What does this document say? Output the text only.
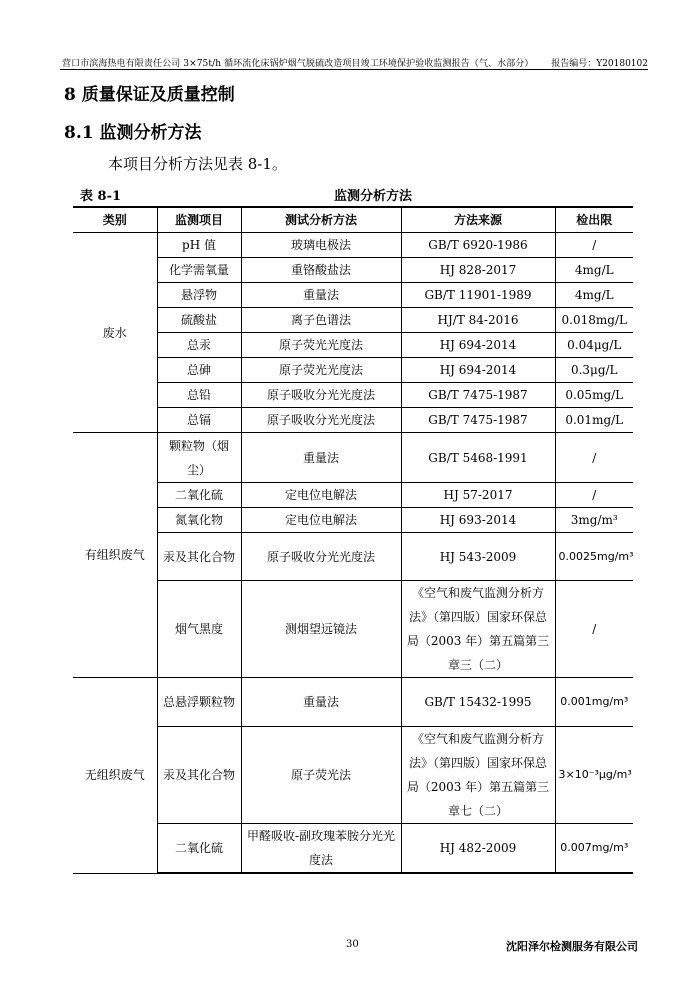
营口市滨海热电有限责任公司 3×75t/h 循环流化床锅炉烟气脱硫改造项目竣工环境保护验收监测报告（气、水部分） 报告编号：Y20180102
8 质量保证及质量控制
8.1 监测分析方法
本项目分析方法见表 8-1。
表 8-1	监测分析方法
类别	监测项目	测试分析方法	方法来源	检出限
废水	pH 值	玻璃电极法	GB/T 6920-1986	/
	化学需氧量	重铬酸盐法	HJ 828-2017	4mg/L
	悬浮物	重量法	GB/T 11901-1989	4mg/L
	硫酸盐	离子色谱法	HJ/T 84-2016	0.018mg/L
	总汞	原子荧光光度法	HJ 694-2014	0.04μg/L
	总砷	原子荧光光度法	HJ 694-2014	0.3μg/L
	总铅	原子吸收分光光度法	GB/T 7475-1987	0.05mg/L
	总镉	原子吸收分光光度法	GB/T 7475-1987	0.01mg/L
有组织废气	颗粒物（烟尘）	重量法	GB/T 5468-1991	/
	二氧化硫	定电位电解法	HJ 57-2017	/
	氮氧化物	定电位电解法	HJ 693-2014	3mg/m³
	汞及其化合物	原子吸收分光光度法	HJ 543-2009	0.0025mg/m³
	烟气黑度	测烟望远镜法	《空气和废气监测分析方法》（第四版）国家环保总局（2003 年）第五篇第三章三（二）	/
无组织废气	总悬浮颗粒物	重量法	GB/T 15432-1995	0.001mg/m³
	汞及其化合物	原子荧光法	《空气和废气监测分析方法》（第四版）国家环保总局（2003 年）第五篇第三章七（二）	3×10⁻³μg/m³
	二氧化硫	甲醛吸收-副玫瑰苯胺分光光度法	HJ 482-2009	0.007mg/m³
30	沈阳泽尔检测服务有限公司
